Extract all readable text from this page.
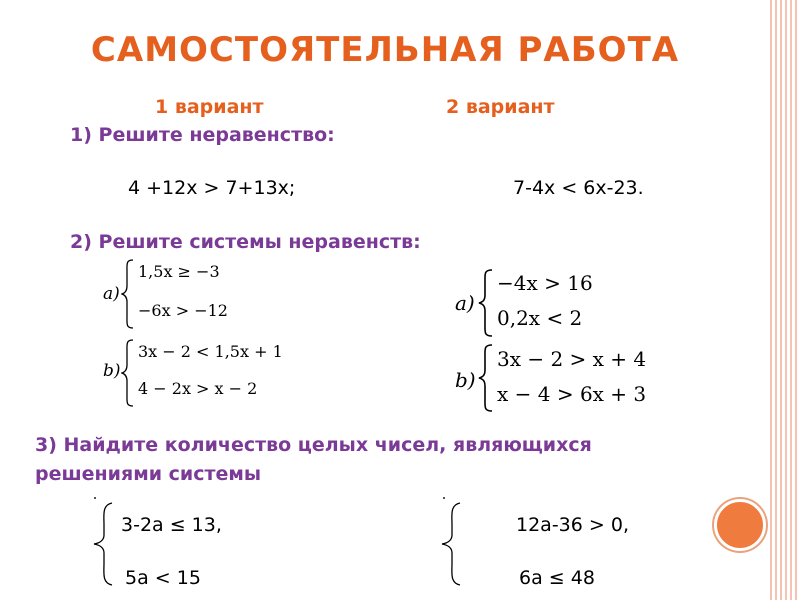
САМОСТОЯТЕЛЬНАЯ РАБОТА
1 вариант	2 вариант
1) Решите неравенство:
4 +12x > 7+13x;	7-4x < 6x-23.
2) Решите системы неравенств:
a)
1,5x ≥ −3
−6x > −12
b)
3x − 2 < 1,5x + 1
4 − 2x > x − 2
a)
−4x > 16
0,2x < 2
b)
3x − 2 > x + 4
x − 4 > 6x + 3
3) Найдите количество целых чисел, являющихся
решениями системы
3-2a ≤ 13,
5a < 15
12a-36 > 0,
6a ≤ 48
